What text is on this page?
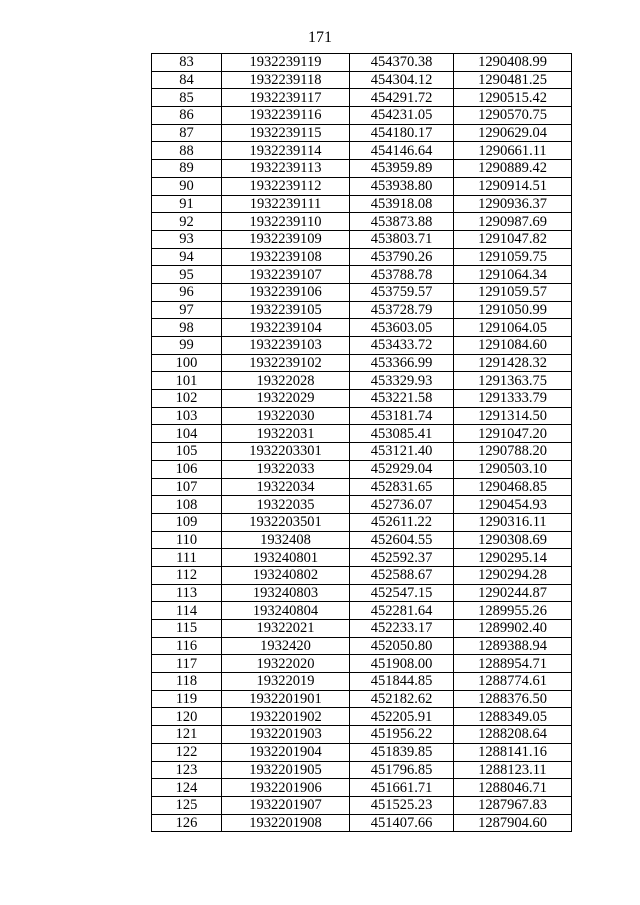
171
83	1932239119	454370.38	1290408.99
84	1932239118	454304.12	1290481.25
85	1932239117	454291.72	1290515.42
86	1932239116	454231.05	1290570.75
87	1932239115	454180.17	1290629.04
88	1932239114	454146.64	1290661.11
89	1932239113	453959.89	1290889.42
90	1932239112	453938.80	1290914.51
91	1932239111	453918.08	1290936.37
92	1932239110	453873.88	1290987.69
93	1932239109	453803.71	1291047.82
94	1932239108	453790.26	1291059.75
95	1932239107	453788.78	1291064.34
96	1932239106	453759.57	1291059.57
97	1932239105	453728.79	1291050.99
98	1932239104	453603.05	1291064.05
99	1932239103	453433.72	1291084.60
100	1932239102	453366.99	1291428.32
101	19322028	453329.93	1291363.75
102	19322029	453221.58	1291333.79
103	19322030	453181.74	1291314.50
104	19322031	453085.41	1291047.20
105	1932203301	453121.40	1290788.20
106	19322033	452929.04	1290503.10
107	19322034	452831.65	1290468.85
108	19322035	452736.07	1290454.93
109	1932203501	452611.22	1290316.11
110	1932408	452604.55	1290308.69
111	193240801	452592.37	1290295.14
112	193240802	452588.67	1290294.28
113	193240803	452547.15	1290244.87
114	193240804	452281.64	1289955.26
115	19322021	452233.17	1289902.40
116	1932420	452050.80	1289388.94
117	19322020	451908.00	1288954.71
118	19322019	451844.85	1288774.61
119	1932201901	452182.62	1288376.50
120	1932201902	452205.91	1288349.05
121	1932201903	451956.22	1288208.64
122	1932201904	451839.85	1288141.16
123	1932201905	451796.85	1288123.11
124	1932201906	451661.71	1288046.71
125	1932201907	451525.23	1287967.83
126	1932201908	451407.66	1287904.60
